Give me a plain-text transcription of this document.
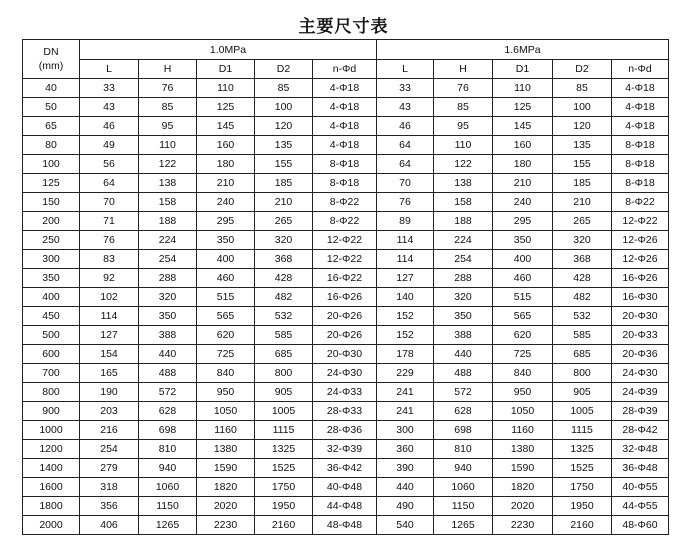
主要尺寸表
DN
(mm)	1.0MPa					1.6MPa				
	L	H	D1	D2	n-Φd	L	H	D1	D2	n-Φd
40	33	76	110	85	4-Φ18	33	76	110	85	4-Φ18
50	43	85	125	100	4-Φ18	43	85	125	100	4-Φ18
65	46	95	145	120	4-Φ18	46	95	145	120	4-Φ18
80	49	110	160	135	4-Φ18	64	110	160	135	8-Φ18
100	56	122	180	155	8-Φ18	64	122	180	155	8-Φ18
125	64	138	210	185	8-Φ18	70	138	210	185	8-Φ18
150	70	158	240	210	8-Φ22	76	158	240	210	8-Φ22
200	71	188	295	265	8-Φ22	89	188	295	265	12-Φ22
250	76	224	350	320	12-Φ22	114	224	350	320	12-Φ26
300	83	254	400	368	12-Φ22	114	254	400	368	12-Φ26
350	92	288	460	428	16-Φ22	127	288	460	428	16-Φ26
400	102	320	515	482	16-Φ26	140	320	515	482	16-Φ30
450	114	350	565	532	20-Φ26	152	350	565	532	20-Φ30
500	127	388	620	585	20-Φ26	152	388	620	585	20-Φ33
600	154	440	725	685	20-Φ30	178	440	725	685	20-Φ36
700	165	488	840	800	24-Φ30	229	488	840	800	24-Φ30
800	190	572	950	905	24-Φ33	241	572	950	905	24-Φ39
900	203	628	1050	1005	28-Φ33	241	628	1050	1005	28-Φ39
1000	216	698	1160	1115	28-Φ36	300	698	1160	1115	28-Φ42
1200	254	810	1380	1325	32-Φ39	360	810	1380	1325	32-Φ48
1400	279	940	1590	1525	36-Φ42	390	940	1590	1525	36-Φ48
1600	318	1060	1820	1750	40-Φ48	440	1060	1820	1750	40-Φ55
1800	356	1150	2020	1950	44-Φ48	490	1150	2020	1950	44-Φ55
2000	406	1265	2230	2160	48-Φ48	540	1265	2230	2160	48-Φ60
